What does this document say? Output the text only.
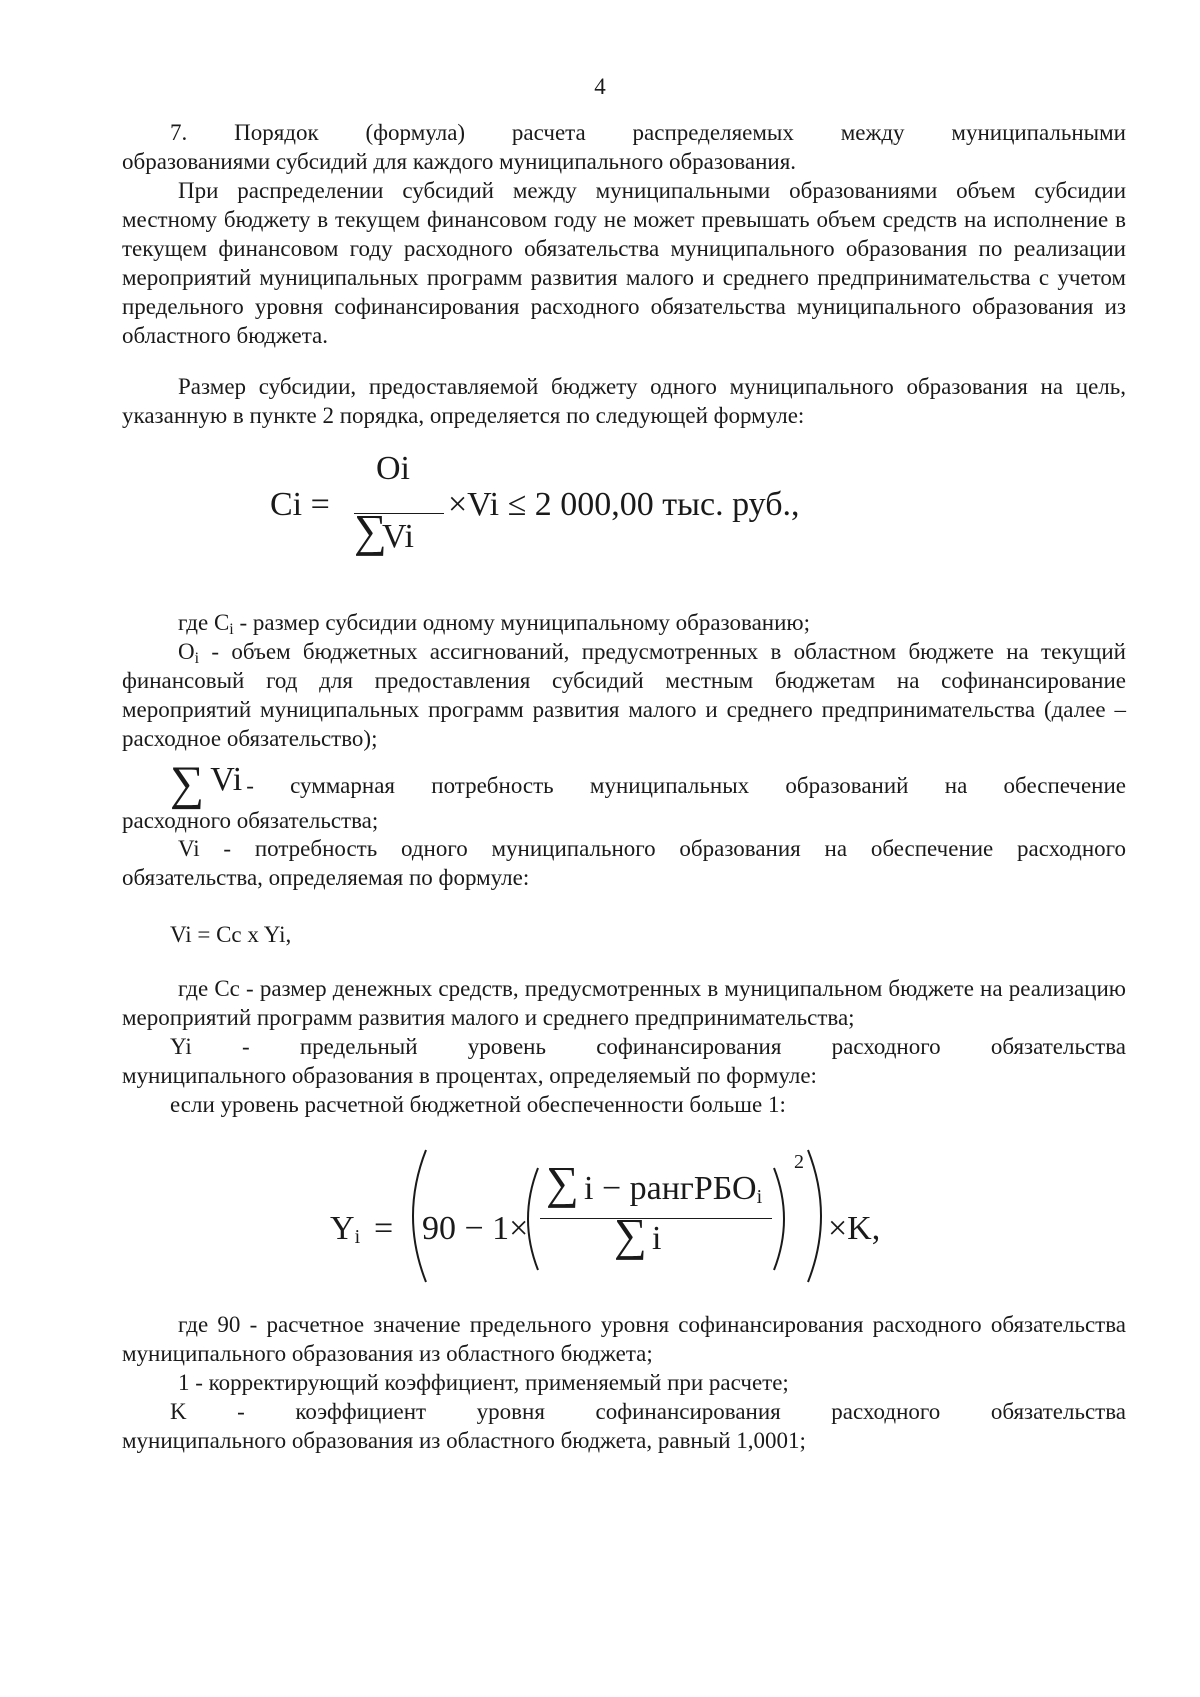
4
7. Порядок (формула) расчета распределяемых между муниципальными
образованиями субсидий для каждого муниципального образования.

При распределении субсидий между муниципальными образованиями объем субсидии местному бюджету в текущем финансовом году не может превышать объем средств на исполнение в текущем финансовом году расходного обязательства муниципального образования по реализации мероприятий муниципальных программ развития малого и среднего предпринимательства с учетом предельного уровня софинансирования расходного обязательства муниципального образования из областного бюджета.

Размер субсидии, предоставляемой бюджету одного муниципального образования на цель, указанную в пункте 2 порядка, определяется по следующей формуле:

Ci =
Oi
∑
Vi
×Vi ≤ 2 000,00 тыс. руб.,

где $C_i$ - размер субсидии одному муниципальному образованию;

$O_i$ - объем бюджетных ассигнований, предусмотренных в областном бюджете на текущий финансовый год для предоставления субсидий местным бюджетам на софинансирование мероприятий муниципальных программ развития малого и среднего предпринимательства (далее – расходное обязательство);

∑ Vi - суммарная потребность муниципальных образований на обеспечение
расходного обязательства;

Vi - потребность одного муниципального образования на обеспечение расходного обязательства, определяемая по формуле:

Vi = Cc x Yi,

где Cc - размер денежных средств, предусмотренных в муниципальном бюджете на реализацию мероприятий программ развития малого и среднего предпринимательства;

Yi - предельный уровень софинансирования расходного обязательства
муниципального образования в процентах, определяемый по формуле:
если уровень расчетной бюджетной обеспеченности больше 1:
$Y_i = 90 - 1\times$
∑ i − рангРБО$_i$
∑ i
2
×K,

где 90 - расчетное значение предельного уровня софинансирования расходного обязательства муниципального образования из областного бюджета;

1 - корректирующий коэффициент, применяемый при расчете;

K - коэффициент уровня софинансирования расходного обязательства
муниципального образования из областного бюджета, равный 1,0001;
